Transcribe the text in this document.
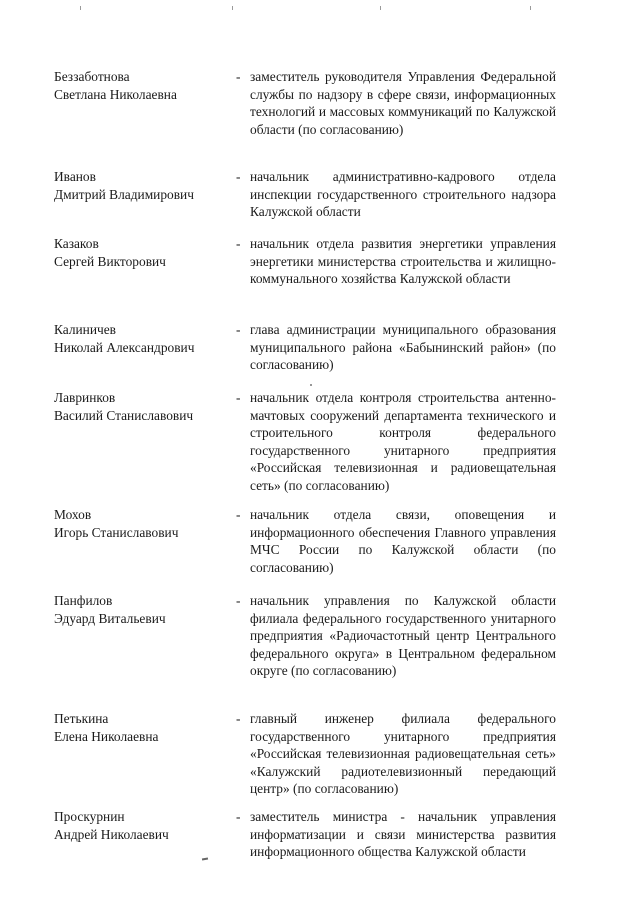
Беззаботнова
Светлана Николаевна
- заместитель руководителя Управления Федеральной службы по надзору в сфере связи, информационных технологий и массовых коммуникаций по Калужской области (по согласованию)
Иванов
Дмитрий Владимирович
- начальник административно-кадрового отдела инспекции государственного строительного надзора Калужской области
Казаков
Сергей Викторович
- начальник отдела развития энергетики управления энергетики министерства строительства и жилищно-коммунального хозяйства Калужской области
Калиничев
Николай Александрович
- глава администрации муниципального образования муниципального района «Бабынинский район» (по согласованию)
Лавринков
Василий Станиславович
- начальник отдела контроля строительства антенно-мачтовых сооружений департамента технического и строительного контроля федерального государственного унитарного предприятия «Российская телевизионная и радиовещательная сеть» (по согласованию)
Мохов
Игорь Станиславович
- начальник отдела связи, оповещения и информационного обеспечения Главного управления МЧС России по Калужской области (по согласованию)
Панфилов
Эдуард Витальевич
- начальник управления по Калужской области филиала федерального государственного унитарного предприятия «Радиочастотный центр Центрального федерального округа» в Центральном федеральном округе (по согласованию)
Петькина
Елена Николаевна
- главный инженер филиала федерального государственного унитарного предприятия «Российская телевизионная радиовещательная сеть» «Калужский радиотелевизионный передающий центр» (по согласованию)
Проскурнин
Андрей Николаевич
- заместитель министра - начальник управления информатизации и связи министерства развития информационного общества Калужской области
